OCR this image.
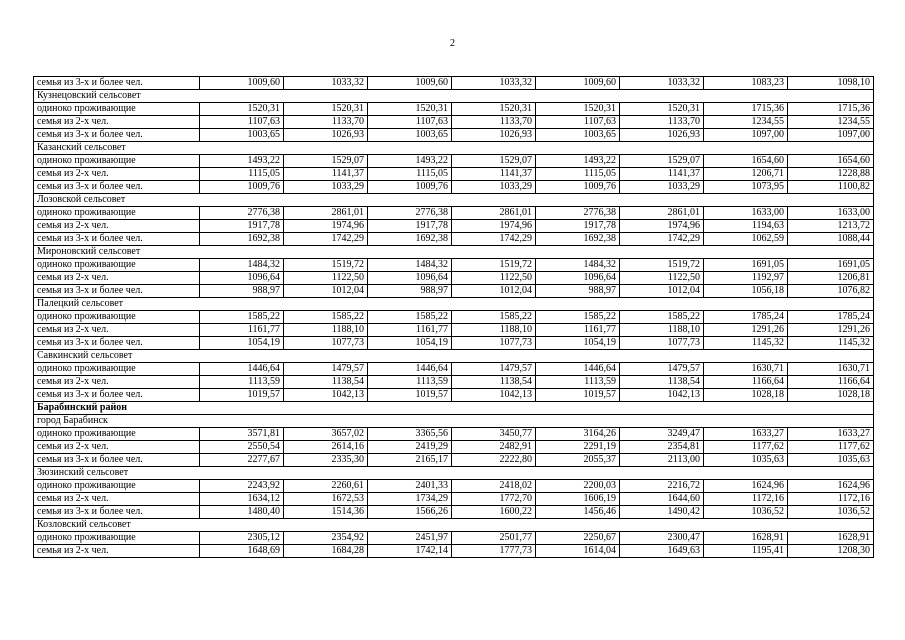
2
семья из 3-х и более чел.	1009,60	1033,32	1009,60	1033,32	1009,60	1033,32	1083,23	1098,10
Кузнецовский сельсовет								
одиноко проживающие	1520,31	1520,31	1520,31	1520,31	1520,31	1520,31	1715,36	1715,36
семья из 2-х чел.	1107,63	1133,70	1107,63	1133,70	1107,63	1133,70	1234,55	1234,55
семья из 3-х и более чел.	1003,65	1026,93	1003,65	1026,93	1003,65	1026,93	1097,00	1097,00
Казанский сельсовет								
одиноко проживающие	1493,22	1529,07	1493,22	1529,07	1493,22	1529,07	1654,60	1654,60
семья из 2-х чел.	1115,05	1141,37	1115,05	1141,37	1115,05	1141,37	1206,71	1228,88
семья из 3-х и более чел.	1009,76	1033,29	1009,76	1033,29	1009,76	1033,29	1073,95	1100,82
Лозовской сельсовет								
одиноко проживающие	2776,38	2861,01	2776,38	2861,01	2776,38	2861,01	1633,00	1633,00
семья из 2-х чел.	1917,78	1974,96	1917,78	1974,96	1917,78	1974,96	1194,63	1213,72
семья из 3-х и более чел.	1692,38	1742,29	1692,38	1742,29	1692,38	1742,29	1062,59	1088,44
Мироновский сельсовет								
одиноко проживающие	1484,32	1519,72	1484,32	1519,72	1484,32	1519,72	1691,05	1691,05
семья из 2-х чел.	1096,64	1122,50	1096,64	1122,50	1096,64	1122,50	1192,97	1206,81
семья из 3-х и более чел.	988,97	1012,04	988,97	1012,04	988,97	1012,04	1056,18	1076,82
Палецкий сельсовет								
одиноко проживающие	1585,22	1585,22	1585,22	1585,22	1585,22	1585,22	1785,24	1785,24
семья из 2-х чел.	1161,77	1188,10	1161,77	1188,10	1161,77	1188,10	1291,26	1291,26
семья из 3-х и более чел.	1054,19	1077,73	1054,19	1077,73	1054,19	1077,73	1145,32	1145,32
Савкинский сельсовет								
одиноко проживающие	1446,64	1479,57	1446,64	1479,57	1446,64	1479,57	1630,71	1630,71
семья из 2-х чел.	1113,59	1138,54	1113,59	1138,54	1113,59	1138,54	1166,64	1166,64
семья из 3-х и более чел.	1019,57	1042,13	1019,57	1042,13	1019,57	1042,13	1028,18	1028,18
Барабинский район								
город Барабинск								
одиноко проживающие	3571,81	3657,02	3365,56	3450,77	3164,26	3249,47	1633,27	1633,27
семья из 2-х чел.	2550,54	2614,16	2419,29	2482,91	2291,19	2354,81	1177,62	1177,62
семья из 3-х и более чел.	2277,67	2335,30	2165,17	2222,80	2055,37	2113,00	1035,63	1035,63
Зюзинский сельсовет								
одиноко проживающие	2243,92	2260,61	2401,33	2418,02	2200,03	2216,72	1624,96	1624,96
семья из 2-х чел.	1634,12	1672,53	1734,29	1772,70	1606,19	1644,60	1172,16	1172,16
семья из 3-х и более чел.	1480,40	1514,36	1566,26	1600,22	1456,46	1490,42	1036,52	1036,52
Козловский сельсовет								
одиноко проживающие	2305,12	2354,92	2451,97	2501,77	2250,67	2300,47	1628,91	1628,91
семья из 2-х чел.	1648,69	1684,28	1742,14	1777,73	1614,04	1649,63	1195,41	1208,30
